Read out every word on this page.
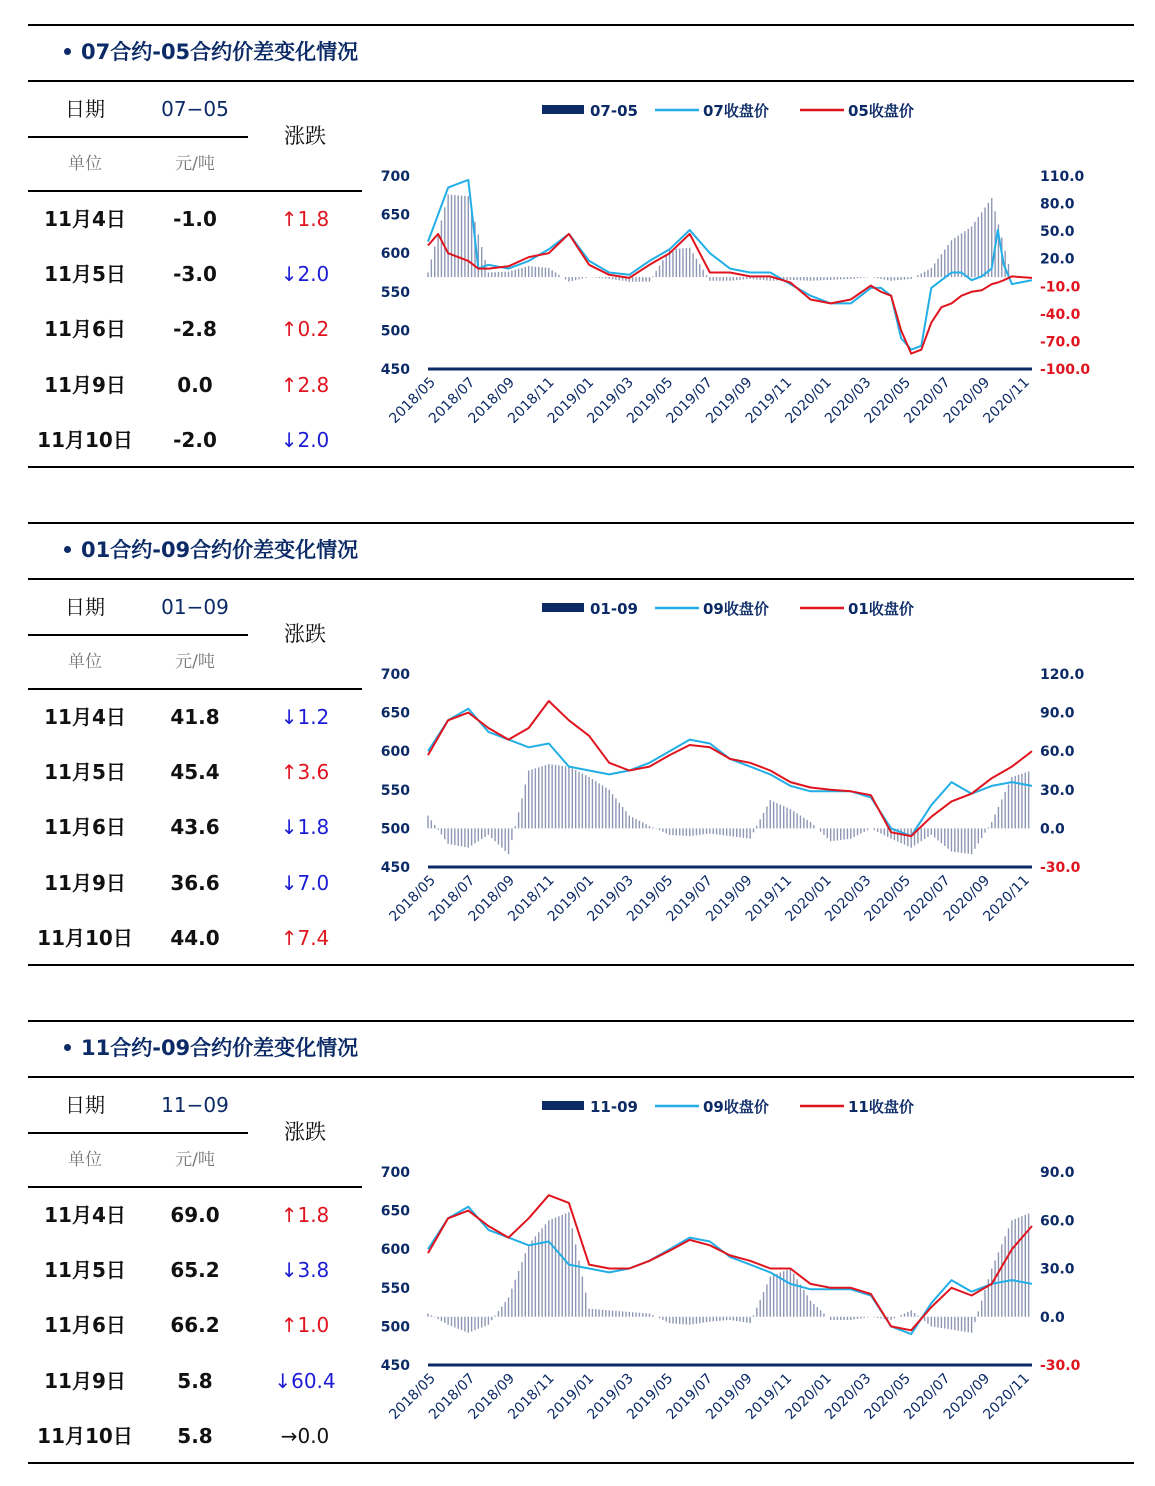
07合约-05合约价差变化情况
日期	07−05
涨跌
单位	元/吨
11月4日	-1.0	↑1.8
11月5日	-3.0	↓2.0
11月6日	-2.8	↑0.2
11月9日	0.0	↑2.8
11月10日	-2.0	↓2.0
07-05	07收盘价	05收盘价
450
500
550
600
650
700
-100.0
-70.0
-40.0
-10.0
20.0
50.0
80.0
110.0
2018/05
2018/07
2018/09
2018/11
2019/01
2019/03
2019/05
2019/07
2019/09
2019/11
2020/01
2020/03
2020/05
2020/07
2020/09
2020/11
01合约-09合约价差变化情况
日期	01−09
涨跌
单位	元/吨
11月4日	41.8	↓1.2
11月5日	45.4	↑3.6
11月6日	43.6	↓1.8
11月9日	36.6	↓7.0
11月10日	44.0	↑7.4
01-09	09收盘价	01收盘价
450
500
550
600
650
700
-30.0
0.0
30.0
60.0
90.0
120.0
2018/05
2018/07
2018/09
2018/11
2019/01
2019/03
2019/05
2019/07
2019/09
2019/11
2020/01
2020/03
2020/05
2020/07
2020/09
2020/11
11合约-09合约价差变化情况
日期	11−09
涨跌
单位	元/吨
11月4日	69.0	↑1.8
11月5日	65.2	↓3.8
11月6日	66.2	↑1.0
11月9日	5.8	↓60.4
11月10日	5.8	→0.0
11-09	09收盘价	11收盘价
450
500
550
600
650
700
-30.0
0.0
30.0
60.0
90.0
2018/05
2018/07
2018/09
2018/11
2019/01
2019/03
2019/05
2019/07
2019/09
2019/11
2020/01
2020/03
2020/05
2020/07
2020/09
2020/11
